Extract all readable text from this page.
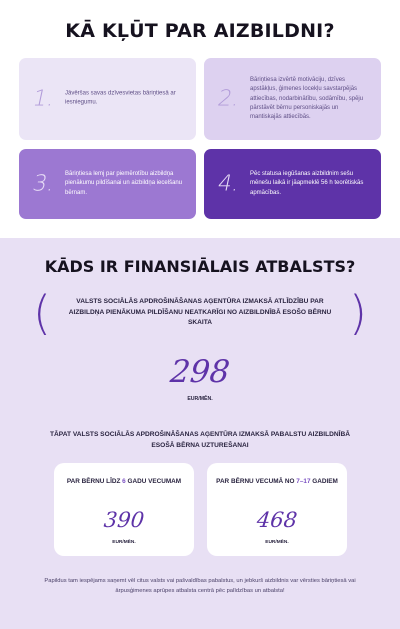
KĀ KĻŪT PAR AIZBILDNI?
1. Jāvēršas savas dzīvesvietas bāriņtiesā ar iesniegumu.	2.
Bāriņtiesa izvērtē motivāciju, dzīves apstākļus, ģimenes locekļu savstarpējās attiecības, nodarbinātību, sodāmību, spēju pārstāvēt bērnu personiskajās un mantiskajās attiecībās.
3. Bāriņtiesa lemj par piemērotību aizbildņa pienākumu pildīšanai un aizbildņa iecelšanu bērnam.	4. Pēc statusa iegūšanas aizbildnim sešu mēnešu laikā ir jāapmeklē 56 h teorētiskās apmācības.
KĀDS IR FINANSIĀLAIS ATBALSTS?
(	)
VALSTS SOCIĀLĀS APDROŠINĀŠANAS AĢENTŪRA IZMAKSĀ ATLĪDZĪBU PAR AIZBILDŅA PIENĀKUMA PILDĪŠANU NEATKARĪGI NO AIZBILDNĪBĀ ESOŠO BĒRNU SKAITA
298
EUR/MĒN.
TĀPAT VALSTS SOCIĀLĀS APDROŠINĀŠANAS AĢENTŪRA IZMAKSĀ PABALSTU AIZBILDNĪBĀ ESOŠĀ BĒRNA UZTUREŠANAI
PAR BĒRNU LĪDZ 6 GADU VECUMAM
390
EUR/MĒN.
PAR BĒRNU VECUMĀ NO 7–17 GADIEM
468
EUR/MĒN.
Papildus tam iespējams saņemt vēl citus valsts vai pašvaldības pabalstus, un jebkurš aizbildnis var vērsties bāriņtiesā vai ārpusģimenes aprūpes atbalsta centrā pēc palīdzības un atbalsta!
